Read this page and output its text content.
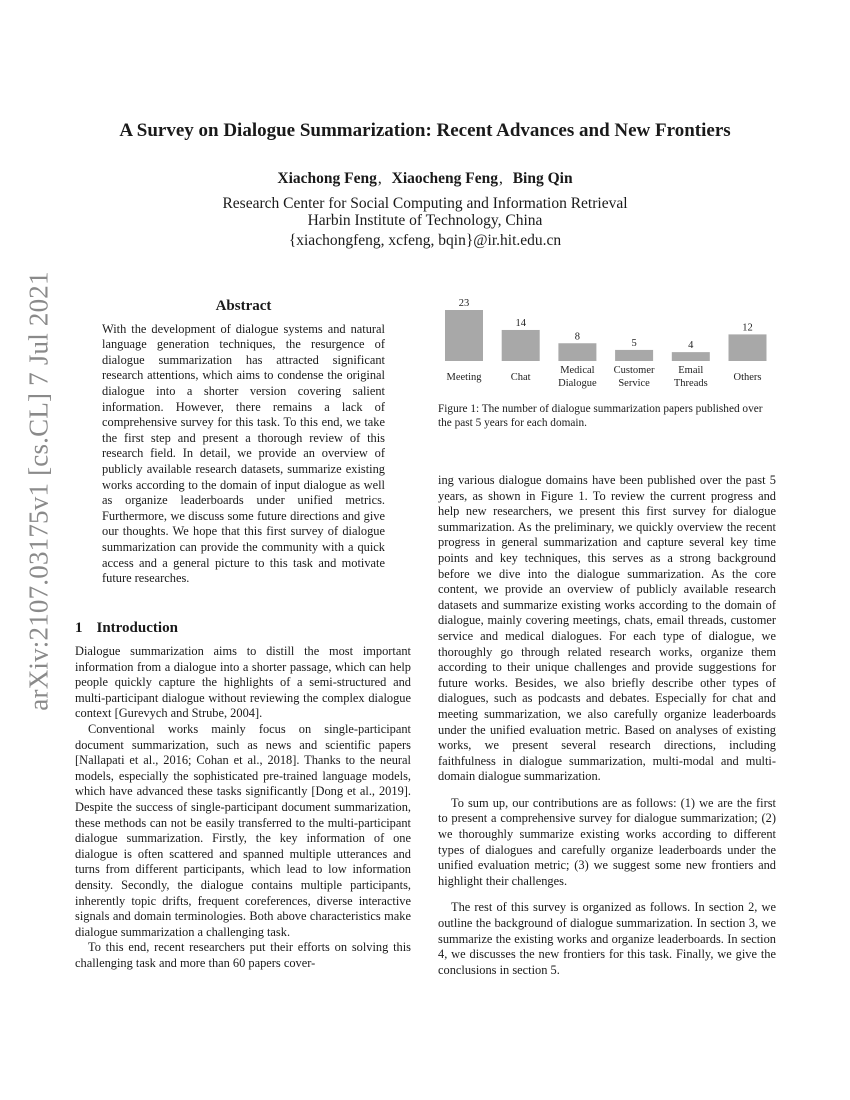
arXiv:2107.03175v1 [cs.CL] 7 Jul 2021
A Survey on Dialogue Summarization: Recent Advances and New Frontiers
Xiachong Feng, Xiaocheng Feng, Bing Qin
Research Center for Social Computing and Information Retrieval
Harbin Institute of Technology, China
{xiachongfeng, xcfeng, bqin}@ir.hit.edu.cn
Abstract

With the development of dialogue systems and natural language generation techniques, the resurgence of dialogue summarization has attracted significant research attentions, which aims to condense the original dialogue into a shorter version covering salient information. However, there remains a lack of comprehensive survey for this task. To this end, we take the first step and present a thorough review of this research field. In detail, we provide an overview of publicly available research datasets, summarize existing works according to the domain of input dialogue as well as organize leaderboards under unified metrics. Furthermore, we discuss some future directions and give our thoughts. We hope that this first survey of dialogue summarization can provide the community with a quick access and a general picture to this task and motivate future researches.

1 Introduction

Dialogue summarization aims to distill the most important information from a dialogue into a shorter passage, which can help people quickly capture the highlights of a semi-structured and multi-participant dialogue without reviewing the complex dialogue context [Gurevych and Strube, 2004].

Conventional works mainly focus on single-participant document summarization, such as news and scientific papers [Nallapati et al., 2016; Cohan et al., 2018]. Thanks to the neural models, especially the sophisticated pre-trained language models, which have advanced these tasks significantly [Dong et al., 2019]. Despite the success of single-participant document summarization, these methods can not be easily transferred to the multi-participant dialogue summarization. Firstly, the key information of one dialogue is often scattered and spanned multiple utterances and turns from different participants, which lead to low information density. Secondly, the dialogue contains multiple participants, inherently topic drifts, frequent coreferences, diverse interactive signals and domain terminologies. Both above characteristics make dialogue summarization a challenging task.

To this end, recent researchers put their efforts on solving this challenging task and more than 60 papers cover-

23
Meeting
14
Chat
8
Medical Dialogue
5
Customer Service
4
Email Threads
12
Others
Figure 1: The number of dialogue summarization papers published over the past 5 years for each domain.

ing various dialogue domains have been published over the past 5 years, as shown in Figure 1. To review the current progress and help new researchers, we present this first survey for dialogue summarization. As the preliminary, we quickly overview the recent progress in general summarization and capture several key time points and key techniques, this serves as a strong background before we dive into the dialogue summarization. As the core content, we provide an overview of publicly available research datasets and summarize existing works according to the domain of dialogue, mainly covering meetings, chats, email threads, customer service and medical dialogues. For each type of dialogue, we thoroughly go through related research works, organize them according to their unique challenges and provide suggestions for future works. Besides, we also briefly describe other types of dialogues, such as podcasts and debates. Especially for chat and meeting summarization, we also carefully organize leaderboards under the unified evaluation metric. Based on analyses of existing works, we present several research directions, including faithfulness in dialogue summarization, multi-modal and multi-domain dialogue summarization.

To sum up, our contributions are as follows: (1) we are the first to present a comprehensive survey for dialogue summarization; (2) we thoroughly summarize existing works according to different types of dialogues and carefully organize leaderboards under the unified evaluation metric; (3) we suggest some new frontiers and highlight their challenges.

The rest of this survey is organized as follows. In section 2, we outline the background of dialogue summarization. In section 3, we summarize the existing works and organize leaderboards. In section 4, we discusses the new frontiers for this task. Finally, we give the conclusions in section 5.
